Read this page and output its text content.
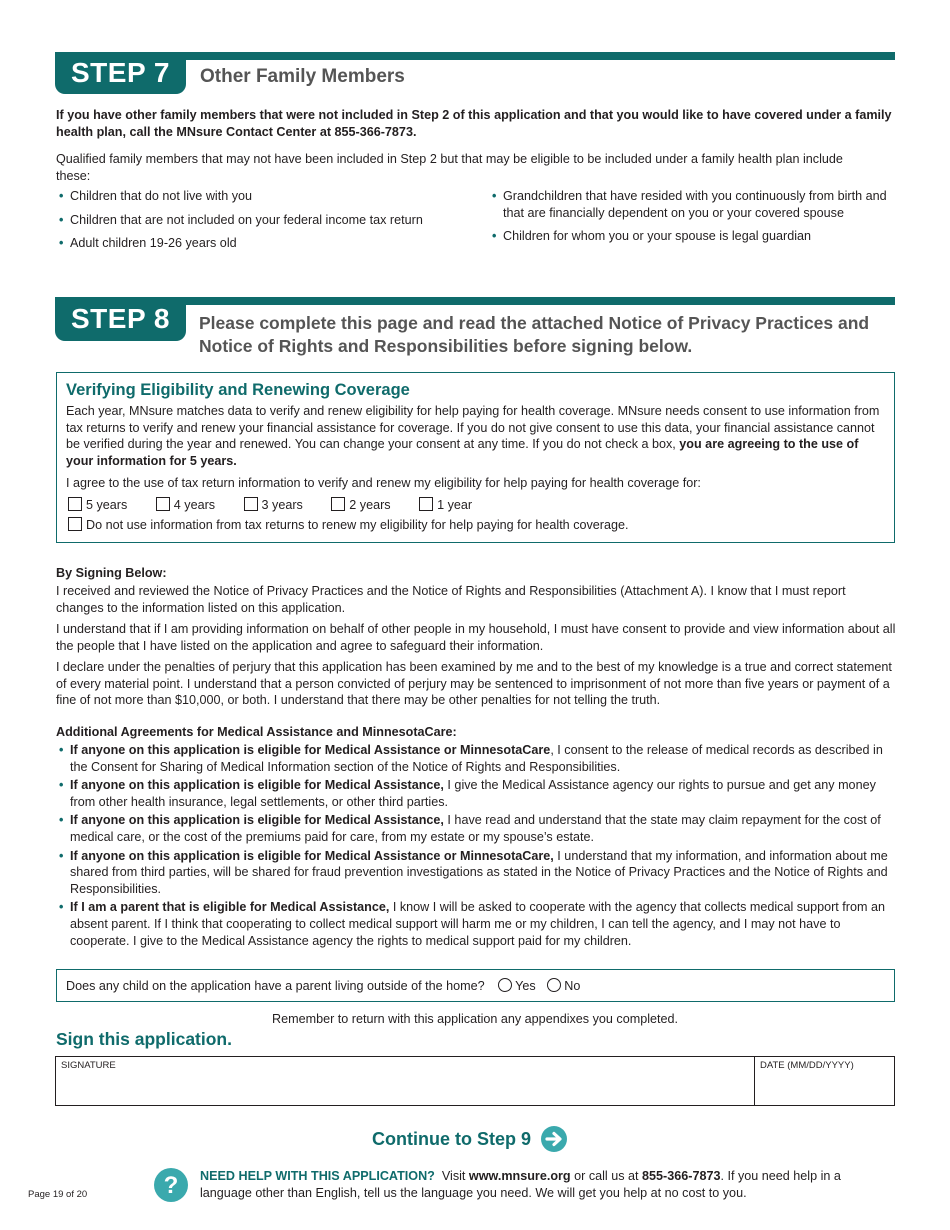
STEP 7	Other Family Members

If you have other family members that were not included in Step 2 of this application and that you would like to have covered under a family health plan, call the MNsure Contact Center at 855-366-7873.

Qualified family members that may not have been included in Step 2 but that may be eligible to be included under a family health plan include these:

• Children that do not live with you
• Children that are not included on your federal income tax return
• Adult children 19-26 years old
• Grandchildren that have resided with you continuously from birth and that are financially dependent on you or your covered spouse
• Children for whom you or your spouse is legal guardian
STEP 8	Please complete this page and read the attached Notice of Privacy Practices and Notice of Rights and Responsibilities before signing below.
Verifying Eligibility and Renewing Coverage

Each year, MNsure matches data to verify and renew eligibility for help paying for health coverage. MNsure needs consent to use information from tax returns to verify and renew your financial assistance for coverage. If you do not give consent to use this data, your financial assistance cannot be verified during the year and renewed. You can change your consent at any time. If you do not check a box, you are agreeing to the use of your information for 5 years.

I agree to the use of tax return information to verify and renew my eligibility for help paying for health coverage for:

5 years	4 years	3 years	2 years	1 year
Do not use information from tax returns to renew my eligibility for help paying for health coverage.

By Signing Below:

I received and reviewed the Notice of Privacy Practices and the Notice of Rights and Responsibilities (Attachment A). I know that I must report changes to the information listed on this application.

I understand that if I am providing information on behalf of other people in my household, I must have consent to provide and view information about all the people that I have listed on the application and agree to safeguard their information.

I declare under the penalties of perjury that this application has been examined by me and to the best of my knowledge is a true and correct statement of every material point. I understand that a person convicted of perjury may be sentenced to imprisonment of not more than five years or payment of a fine of not more than $10,000, or both. I understand that there may be other penalties for not telling the truth.

Additional Agreements for Medical Assistance and MinnesotaCare:

• If anyone on this application is eligible for Medical Assistance or MinnesotaCare, I consent to the release of medical records as described in the Consent for Sharing of Medical Information section of the Notice of Rights and Responsibilities.
• If anyone on this application is eligible for Medical Assistance, I give the Medical Assistance agency our rights to pursue and get any money from other health insurance, legal settlements, or other third parties.
• If anyone on this application is eligible for Medical Assistance, I have read and understand that the state may claim repayment for the cost of medical care, or the cost of the premiums paid for care, from my estate or my spouse’s estate.
• If anyone on this application is eligible for Medical Assistance or MinnesotaCare, I understand that my information, and information about me shared from third parties, will be shared for fraud prevention investigations as stated in the Notice of Privacy Practices and the Notice of Rights and Responsibilities.
• If I am a parent that is eligible for Medical Assistance, I know I will be asked to cooperate with the agency that collects medical support from an absent parent. If I think that cooperating to collect medical support will harm me or my children, I can tell the agency, and I may not have to cooperate. I give to the Medical Assistance agency the rights to medical support paid for my children.
Does any child on the application have a parent living outside of the home? Yes No

Remember to return with this application any appendixes you completed.

Sign this application.
SIGNATURE	DATE (MM/DD/YYYY)
Continue to Step 9
? NEED HELP WITH THIS APPLICATION?  Visit www.mnsure.org or call us at 855-366-7873. If you need help in a language other than English, tell us the language you need. We will get you help at no cost to you.

Page 19 of 20
